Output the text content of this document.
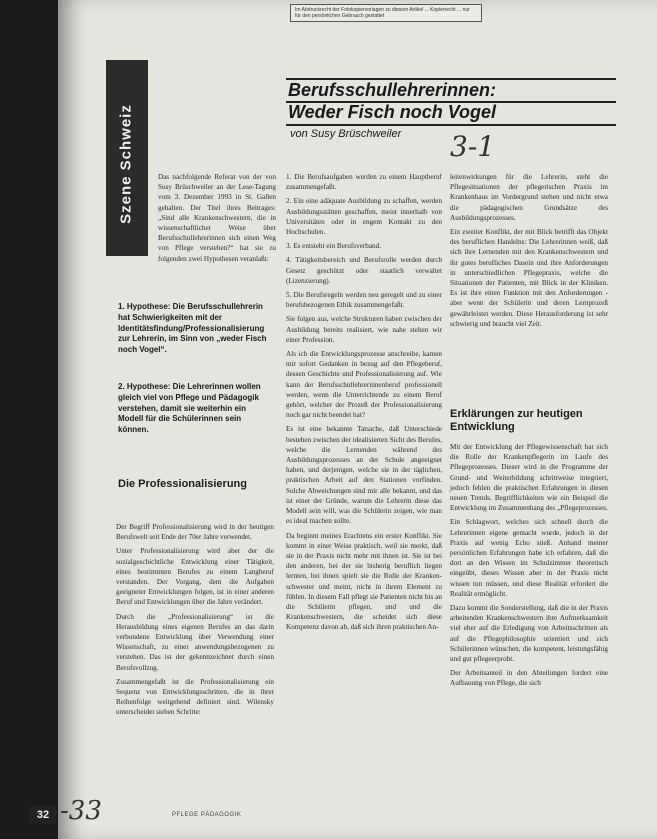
Im Abdruckrecht der Fotokopiervorlagen zu diesem Artikel ... Kopierrecht ... nur für den persönlichen Gebrauch gestattet
Szene Schweiz
Berufsschullehrerinnen:
Weder Fisch noch Vogel
von Susy Brüschweiler 3-1

Das nachfolgende Referat von der von Susy Brüschweiler an der Lese-Tagung vom 3. Dezember 1993 in St. Gallen gehalten. Der Titel ihres Beitrages: „Sind alle Krankenschwestern, die in wissenschaftlicher Weise über Berufsschullehrerinnen sich einen Weg von Pflege verstehen?“ hat sie zu folgenden zwei Hypothesen veranlaßt:

1. Hypothese: Die Berufsschullehrerin hat Schwierigkeiten mit der Identitätsfindung/Professionalisierung zur Lehrerin, im Sinn von „weder Fisch noch Vogel“.
2. Hypothese: Die Lehrerinnen wollen gleich viel von Pflege und Pädagogik verstehen, damit sie weiterhin ein Modell für die Schülerinnen sein können.
Die Professionalisierung

Der Begriff Professionalisierung wird in der heutigen Berufswelt seit Ende der 70er Jahre verwendet.

Unter Professionalisierung wird aber der die sozialgeschichtliche Entwicklung einer Tätigkeit, eines bestimmten Berufes zu einem Langberuf verstanden. Der Vorgang, dem die Aufgaben geeigneter Entwicklungen folgen, ist in einer anderen Beruf und Entwicklungen über die Jahre verändert.

Durch die „Professionalisierung“ ist die Herausbildung eines eigenen Berufes an das darin verbundene Entwicklung über Verwendung einer Wissenschaft, zu einer anwendungsbezogenen zu verstehen. Das ist der gekennzeichnet durch einen Berufsvollzug.

Zusammengefaßt ist die Professionalisierung ein Sequenz von Entwicklungsschritten, die in ihrer Reihenfolge weitgehend definiert sind. Wilensky unterscheidet sieben Schritte:

1. Die Berufsaufgaben werden zu einem Hauptberuf zusammengefaßt.

2. Ein eine adäquate Ausbildung zu schaffen, werden Ausbildungsstätten geschaffen, meist innerhalb von Universitäten oder in engem Kontakt zu den Hochschulen.

3. Es entsteht ein Berufsverband.

4. Tätigkeitsbereich und Berufsrolle werden durch Gesetz geschützt oder staatlich verwaltet (Lizenzierung).

5. Die Berufsregeln werden neu geregelt und zu einer berufsbezogenen Ethik zusammengefaßt.

Sie folgen aus, welche Strukturen haben zwischen der Ausbildung bereits realisiert, wie nahe stehen wir einer Profession.

Als ich die Entwicklungsprozesse anschreibe, kamen mir sofort Gedanken in bezug auf den Pflegeberuf, dessen Geschichte und Professionalisierung auf. Wie kann der Berufsschullehrerinnenberuf professionell werden, wenn die Unterrichtende zu einem Beruf gehört, welcher der Prozeß der Professionalisierung noch gar nicht beendet hat?

Es ist eine bekannte Tatsache, daß Unterschiede bestehen zwischen der idealisierten Sicht des Berufes, welche die Lernenden während des Ausbildungsprozesses an der Schule angeeignet haben, und derjenigen, welche sie in der täglichen, praktischen Arbeit auf den Stationen vorfinden. Solche Abweichungen sind mir alle bekannt, und das ist einer der Gründe, warum die Lehrerin diese das Modell sein will, was die Schülerin zeigen, wie man es ideal machen sollte.

Da beginnt meines Erachtens ein erster Konflikt. Sie kommt in einer Weise praktisch, weil sie merkt, daß sie in der Praxis nicht mehr mit ihnen ist. Sie ist bei den anderen, bei der sie bisherig beruflich liegen lernten, bei ihnen spielt sie die Rolle der Kranken- schwester und meint, nicht in ihrem Element zu fühlen. In diesem Fall pflegt sie Patienten nicht bis an die Schülerin pflegen, und und die Krankenschwestern, die scheidet sich diese Kompetenz davon ab, daß sich ihren praktischen An-

leitenwirkungen für die Lehrerin, steht die Pflegesituationen der pflegerischen Praxis im Krankenhaus im Vordergrund stehen und nicht etwa die pädagogischen Grundsätze des Ausbildungsprozesses.

Ein zweiter Konflikt, der mit Blick betrifft das Objekt des beruflichen Handelns: Die Lehrerinnen weiß, daß sich ihre Lernenden mit den Krankenschwestern und ihr gutes berufliches Dasein und ihre Anforderungen in unterschiedlichen Pflegepraxis, welche die Situationen der Patienten, mit Blick in der Kliniken. Es ist ihre einen Funktion mit den Anforderungen - aber wenn der Schülerin und deren Lernprozeß gewährleistet werden. Diese Herausforderung ist sehr schwierig und braucht viel Zeit.

Erklärungen zur heutigen Entwicklung

Mit der Entwicklung der Pflegewissenschaft hat sich die Rolle der Krankenpflegerin im Laufe des Pflegeprozesses. Dieser wird in die Programme der Grund- und Weiterbildung schrittweise integriert, jedoch fehlen die praktischen Erfahrungen in diesen neuen Trends. Begrifflichkeiten wie ein Beispiel die Entwicklung im Zusammenhang des „Pflegeprozesses.

Ein Schlagwort, welches sich schnell durch die Lehrerinnen eigene gemacht wurde, jedoch in der Praxis auf wenig Echo stieß. Anhand meiner persönlichen Erfahrungen habe ich erfahren, daß die dort an den Wissen im Schulzimmer theoretisch eingeübt, dieses Wissen aber in der Praxis nicht wissen tun müssen, und diese Realität erfordert die Realität ermöglicht.

Dazu kommt die Sonderstellung, daß die in der Praxis arbeitenden Krankenschwestern ihre Aufmerksamkeit viel eher auf die Erledigung von Arbeitsschritten als auf die Pflegephilosophie orientiert und sich Schülerinnen wünschen, die kompetent, leistungsfähig und gut pflegeerprobt.

Der Arbeitsanteil in den Abteilungen fordert eine Aufbauung von Pflege, die sich

32 -33	PFLEGE PÄDAGOGIK
